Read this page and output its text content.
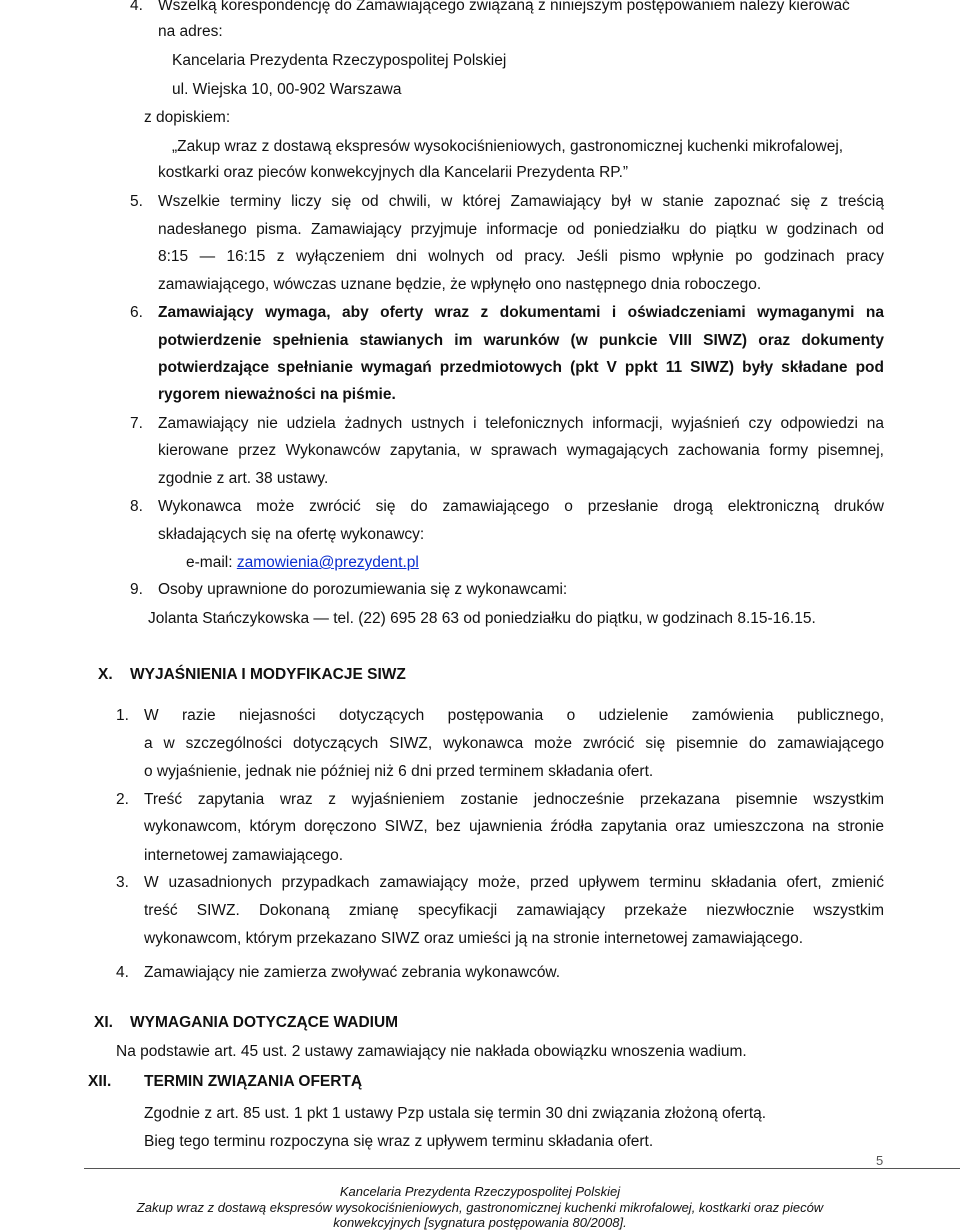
4. Wszelką korespondencję do Zamawiającego związaną z niniejszym postępowaniem należy kierować
na adres:
Kancelaria Prezydenta Rzeczypospolitej Polskiej
ul. Wiejska 10, 00-902 Warszawa
z dopiskiem:
„Zakup wraz z dostawą ekspresów wysokociśnieniowych, gastronomicznej kuchenki mikrofalowej,
kostkarki oraz pieców konwekcyjnych dla Kancelarii Prezydenta RP.”
5. Wszelkie terminy liczy się od chwili, w której Zamawiający był w stanie zapoznać się z treścią
nadesłanego pisma. Zamawiający przyjmuje informacje od poniedziałku do piątku w godzinach od
8:15 — 16:15 z wyłączeniem dni wolnych od pracy. Jeśli pismo wpłynie po godzinach pracy
zamawiającego, wówczas uznane będzie, że wpłynęło ono następnego dnia roboczego.
6. Zamawiający wymaga, aby oferty wraz z dokumentami i oświadczeniami wymaganymi na
potwierdzenie spełnienia stawianych im warunków (w punkcie VIII SIWZ) oraz dokumenty
potwierdzające spełnianie wymagań przedmiotowych (pkt V ppkt 11 SIWZ) były składane pod
rygorem nieważności na piśmie.
7. Zamawiający nie udziela żadnych ustnych i telefonicznych informacji, wyjaśnień czy odpowiedzi na
kierowane przez Wykonawców zapytania, w sprawach wymagających zachowania formy pisemnej,
zgodnie z art. 38 ustawy.
8. Wykonawca może zwrócić się do zamawiającego o przesłanie drogą elektroniczną druków
składających się na ofertę wykonawcy:
e-mail: zamowienia@prezydent.pl
9. Osoby uprawnione do porozumiewania się z wykonawcami:
Jolanta Stańczykowska — tel. (22) 695 28 63 od poniedziałku do piątku, w godzinach 8.15-16.15.
X. WYJAŚNIENIA I MODYFIKACJE SIWZ
1. W razie niejasności dotyczących postępowania o udzielenie zamówienia publicznego,
a w szczególności dotyczących SIWZ, wykonawca może zwrócić się pisemnie do zamawiającego
o wyjaśnienie, jednak nie później niż 6 dni przed terminem składania ofert.
2. Treść zapytania wraz z wyjaśnieniem zostanie jednocześnie przekazana pisemnie wszystkim
wykonawcom, którym doręczono SIWZ, bez ujawnienia źródła zapytania oraz umieszczona na stronie
internetowej zamawiającego.
3. W uzasadnionych przypadkach zamawiający może, przed upływem terminu składania ofert, zmienić
treść SIWZ. Dokonaną zmianę specyfikacji zamawiający przekaże niezwłocznie wszystkim
wykonawcom, którym przekazano SIWZ oraz umieści ją na stronie internetowej zamawiającego.
4. Zamawiający nie zamierza zwoływać zebrania wykonawców.
XI. WYMAGANIA DOTYCZĄCE WADIUM
Na podstawie art. 45 ust. 2 ustawy zamawiający nie nakłada obowiązku wnoszenia wadium.
XII. TERMIN ZWIĄZANIA OFERTĄ
Zgodnie z art. 85 ust. 1 pkt 1 ustawy Pzp ustala się termin 30 dni związania złożoną ofertą.
Bieg tego terminu rozpoczyna się wraz z upływem terminu składania ofert.
5
Kancelaria Prezydenta Rzeczypospolitej Polskiej
Zakup wraz z dostawą ekspresów wysokociśnieniowych, gastronomicznej kuchenki mikrofalowej, kostkarki oraz pieców
konwekcyjnych [sygnatura postępowania 80/2008].
